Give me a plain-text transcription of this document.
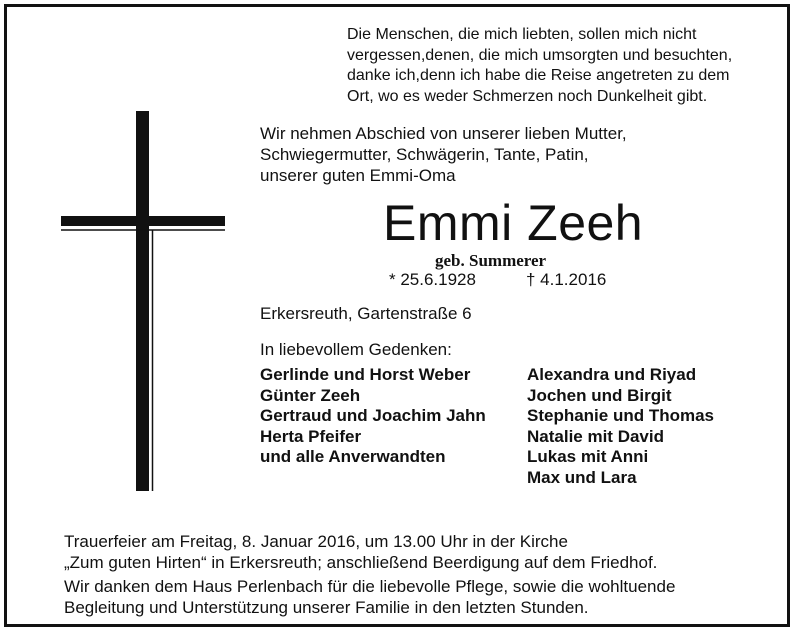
Die Menschen, die mich liebten, sollen mich nicht
vergessen,denen, die mich umsorgten und besuchten,
danke ich,denn ich habe die Reise angetreten zu dem
Ort, wo es weder Schmerzen noch Dunkelheit gibt.
Wir nehmen Abschied von unserer lieben Mutter,
Schwiegermutter, Schwägerin, Tante, Patin,
unserer guten Emmi-Oma
Emmi Zeeh
geb. Summerer
* 25.6.1928	† 4.1.2016
Erkersreuth, Gartenstraße 6
In liebevollem Gedenken:
Gerlinde und Horst Weber
Günter Zeeh
Gertraud und Joachim Jahn
Herta Pfeifer
und alle Anverwandten
Alexandra und Riyad
Jochen und Birgit
Stephanie und Thomas
Natalie mit David
Lukas mit Anni
Max und Lara
Trauerfeier am Freitag, 8. Januar 2016, um 13.00 Uhr in der Kirche
„Zum guten Hirten“ in Erkersreuth; anschließend Beerdigung auf dem Friedhof.
Wir danken dem Haus Perlenbach für die liebevolle Pflege, sowie die wohltuende
Begleitung und Unterstützung unserer Familie in den letzten Stunden.
